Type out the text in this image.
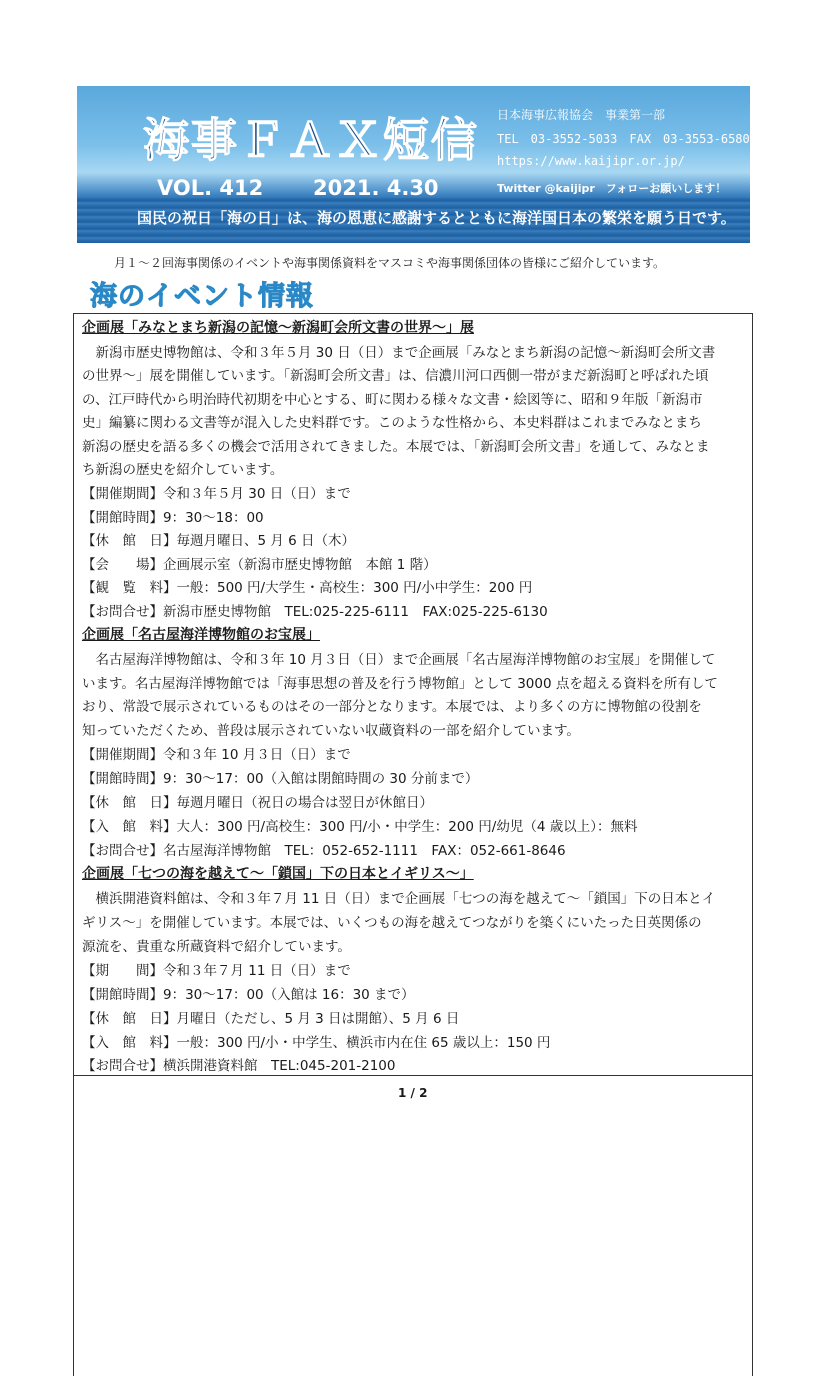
海事ＦＡＸ短信
VOL. 412 2021. 4.30
日本海事広報協会　事業第一部
TEL　03-3552-5033　FAX　03-3553-6580
https://www.kaijipr.or.jp/
Twitter @kaijipr　フォローお願いします！
国民の祝日「海の日」は、海の恩恵に感謝するとともに海洋国日本の繁栄を願う日です。
月１～２回海事関係のイベントや海事関係資料をマスコミや海事関係団体の皆様にご紹介しています。
海のイベント情報
企画展「みなとまち新潟の記憶～新潟町会所文書の世界～」展
　新潟市歴史博物館は、令和３年５月 30 日（日）まで企画展「みなとまち新潟の記憶～新潟町会所文書
の世界～」展を開催しています。「新潟町会所文書」は、信濃川河口西側一帯がまだ新潟町と呼ばれた頃
の、江戸時代から明治時代初期を中心とする、町に関わる様々な文書・絵図等に、昭和９年版「新潟市
史」編纂に関わる文書等が混入した史料群です。このような性格から、本史料群はこれまでみなとまち
新潟の歴史を語る多くの機会で活用されてきました。本展では、「新潟町会所文書」を通して、みなとま
ち新潟の歴史を紹介しています。
【開催期間】令和３年５月 30 日（日）まで
【開館時間】9：30～18：00
【休　館　日】毎週月曜日、5 月 6 日（木）
【会　　場】企画展示室（新潟市歴史博物館　本館 1 階）
【観　覧　料】一般：500 円/大学生・高校生：300 円/小中学生：200 円
【お問合せ】新潟市歴史博物館　TEL:025-225-6111　FAX:025-225-6130
企画展「名古屋海洋博物館のお宝展」
　名古屋海洋博物館は、令和３年 10 月３日（日）まで企画展「名古屋海洋博物館のお宝展」を開催して
います。名古屋海洋博物館では「海事思想の普及を行う博物館」として 3000 点を超える資料を所有して
おり、常設で展示されているものはその一部分となります。本展では、より多くの方に博物館の役割を
知っていただくため、普段は展示されていない収蔵資料の一部を紹介しています。
【開催期間】令和３年 10 月３日（日）まで
【開館時間】9：30～17：00（入館は閉館時間の 30 分前まで）
【休　館　日】毎週月曜日（祝日の場合は翌日が休館日）
【入　館　料】大人：300 円/高校生：300 円/小・中学生：200 円/幼児（4 歳以上）：無料
【お問合せ】名古屋海洋博物館　TEL：052-652-1111　FAX：052-661-8646
企画展「七つの海を越えて～「鎖国」下の日本とイギリス～」
　横浜開港資料館は、令和３年７月 11 日（日）まで企画展「七つの海を越えて～「鎖国」下の日本とイ
ギリス～」を開催しています。本展では、いくつもの海を越えてつながりを築くにいたった日英関係の
源流を、貴重な所蔵資料で紹介しています。
【期　　間】令和３年７月 11 日（日）まで
【開館時間】9：30～17：00（入館は 16：30 まで）
【休　館　日】月曜日（ただし、5 月 3 日は開館）、5 月 6 日
【入　館　料】一般：300 円/小・中学生、横浜市内在住 65 歳以上：150 円
【お問合せ】横浜開港資料館　TEL:045-201-2100
1 / 2
